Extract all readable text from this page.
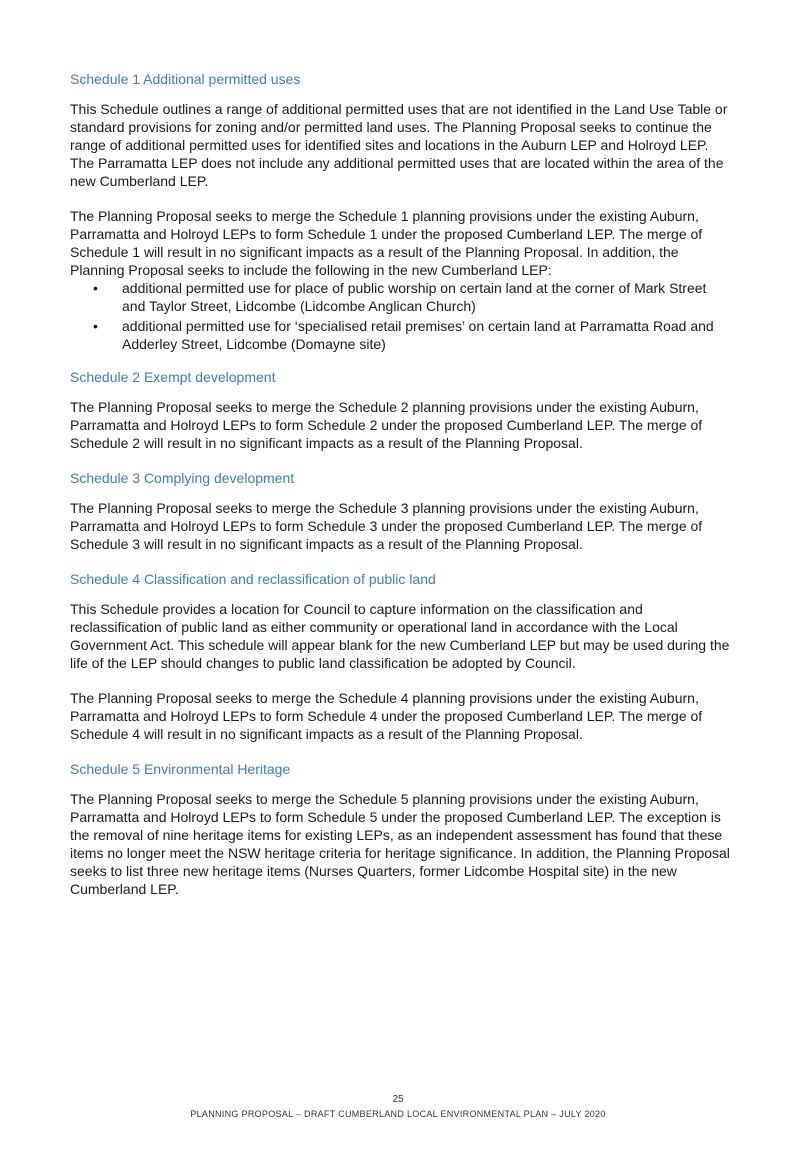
Schedule 1 Additional permitted uses

This Schedule outlines a range of additional permitted uses that are not identified in the Land Use Table or standard provisions for zoning and/or permitted land uses. The Planning Proposal seeks to continue the range of additional permitted uses for identified sites and locations in the Auburn LEP and Holroyd LEP. The Parramatta LEP does not include any additional permitted uses that are located within the area of the new Cumberland LEP.

The Planning Proposal seeks to merge the Schedule 1 planning provisions under the existing Auburn, Parramatta and Holroyd LEPs to form Schedule 1 under the proposed Cumberland LEP. The merge of Schedule 1 will result in no significant impacts as a result of the Planning Proposal. In addition, the Planning Proposal seeks to include the following in the new Cumberland LEP:

• additional permitted use for place of public worship on certain land at the corner of Mark Street and Taylor Street, Lidcombe (Lidcombe Anglican Church)
• additional permitted use for ‘specialised retail premises’ on certain land at Parramatta Road and Adderley Street, Lidcombe (Domayne site)
Schedule 2 Exempt development

The Planning Proposal seeks to merge the Schedule 2 planning provisions under the existing Auburn, Parramatta and Holroyd LEPs to form Schedule 2 under the proposed Cumberland LEP. The merge of Schedule 2 will result in no significant impacts as a result of the Planning Proposal.

Schedule 3 Complying development

The Planning Proposal seeks to merge the Schedule 3 planning provisions under the existing Auburn, Parramatta and Holroyd LEPs to form Schedule 3 under the proposed Cumberland LEP. The merge of Schedule 3 will result in no significant impacts as a result of the Planning Proposal.

Schedule 4 Classification and reclassification of public land

This Schedule provides a location for Council to capture information on the classification and reclassification of public land as either community or operational land in accordance with the Local Government Act. This schedule will appear blank for the new Cumberland LEP but may be used during the life of the LEP should changes to public land classification be adopted by Council.

The Planning Proposal seeks to merge the Schedule 4 planning provisions under the existing Auburn, Parramatta and Holroyd LEPs to form Schedule 4 under the proposed Cumberland LEP. The merge of Schedule 4 will result in no significant impacts as a result of the Planning Proposal.

Schedule 5 Environmental Heritage

The Planning Proposal seeks to merge the Schedule 5 planning provisions under the existing Auburn, Parramatta and Holroyd LEPs to form Schedule 5 under the proposed Cumberland LEP. The exception is the removal of nine heritage items for existing LEPs, as an independent assessment has found that these items no longer meet the NSW heritage criteria for heritage significance. In addition, the Planning Proposal seeks to list three new heritage items (Nurses Quarters, former Lidcombe Hospital site) in the new Cumberland LEP.

25
PLANNING PROPOSAL – DRAFT CUMBERLAND LOCAL ENVIRONMENTAL PLAN – JULY 2020
